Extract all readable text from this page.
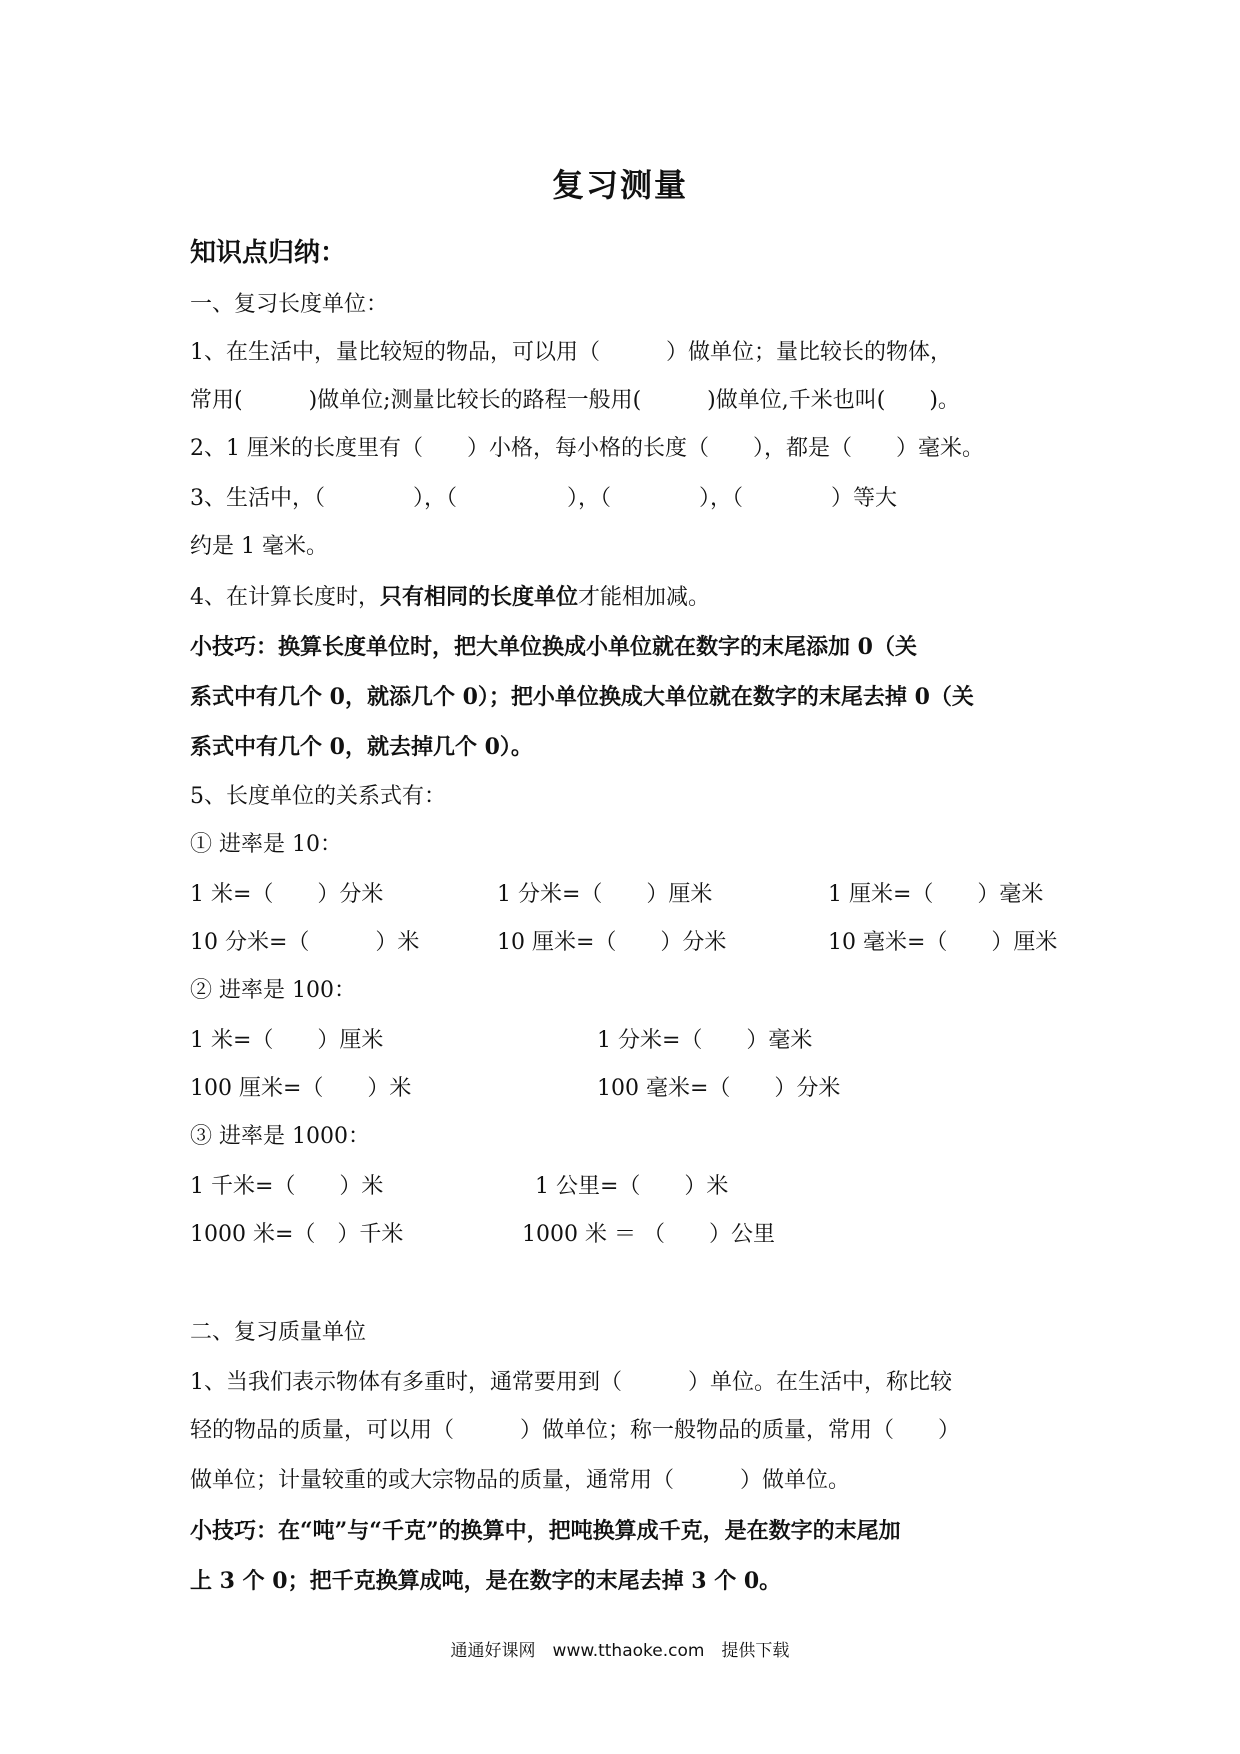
复习测量
知识点归纳：
一、复习长度单位：
1、在生活中，量比较短的物品，可以用（　　　）做单位；量比较长的物体，
常用(　　　)做单位;测量比较长的路程一般用(　　　)做单位,千米也叫(　　)。
2、1 厘米的长度里有（　　）小格，每小格的长度（　　），都是（　　）毫米。
3、生活中，（　　　　），（　　　　　），（　　　　），（　　　　）等大
约是 1 毫米。
4、在计算长度时，只有相同的长度单位才能相加减。
小技巧：换算长度单位时，把大单位换成小单位就在数字的末尾添加 0（关
系式中有几个 0，就添几个 0）；把小单位换成大单位就在数字的末尾去掉 0（关
系式中有几个 0，就去掉几个 0）。
5、长度单位的关系式有：
① 进率是 10：
1 米=（　　）分米	1 分米=（　　）厘米	1 厘米=（　　）毫米
10 分米=（　　　）米	10 厘米=（　　）分米	10 毫米=（　　）厘米
② 进率是 100：
1 米=（　　）厘米	1 分米=（　　）毫米
100 厘米=（　　）米	100 毫米=（　　）分米
③ 进率是 1000：
1 千米=（　　）米	1 公里=（　　）米
1000 米=（　）千米	1000 米 ＝ （　　）公里
二、复习质量单位
1、当我们表示物体有多重时，通常要用到（　　　）单位。在生活中，称比较
轻的物品的质量，可以用（　　　）做单位；称一般物品的质量，常用（　　）
做单位；计量较重的或大宗物品的质量，通常用（　　　）做单位。
小技巧：在“吨”与“千克”的换算中，把吨换算成千克，是在数字的末尾加
上 3 个 0；把千克换算成吨，是在数字的末尾去掉 3 个 0。
通通好课网　www.tthaoke.com　提供下载
